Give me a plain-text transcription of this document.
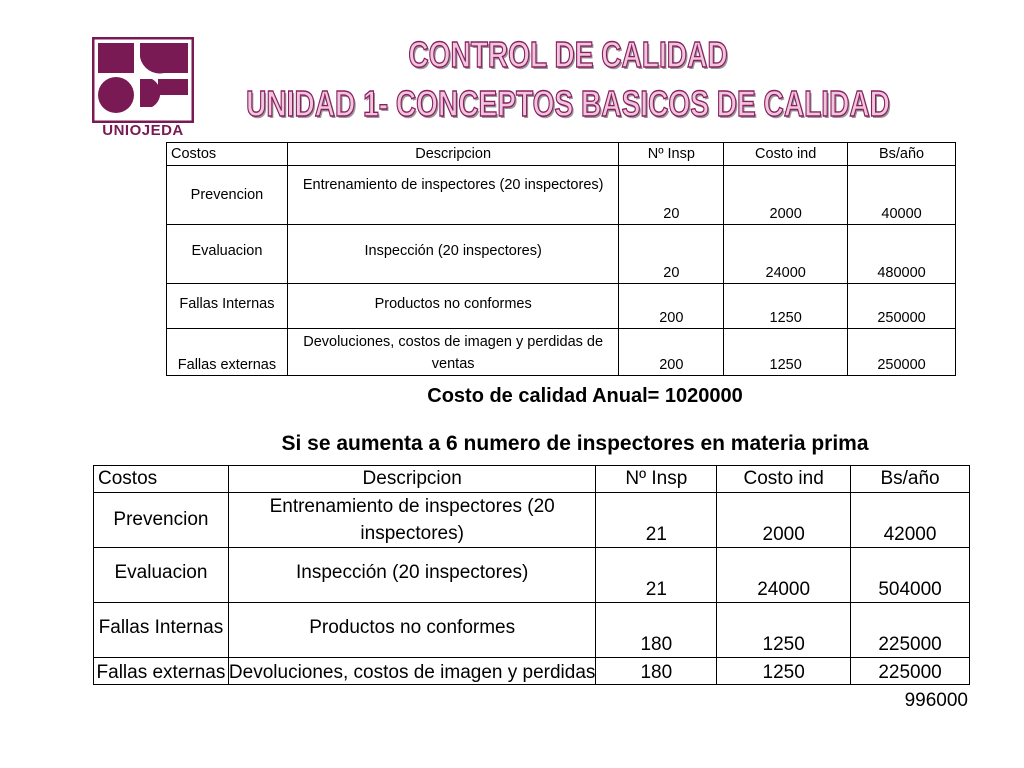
UNIOJEDA
CONTROL DE CALIDAD
UNIDAD 1- CONCEPTOS BASICOS DE CALIDAD
Costos	Descripcion	Nº Insp	Costo ind	Bs/año
Prevencion	Entrenamiento de inspectores (20 inspectores)	20	2000	40000
Evaluacion	Inspección (20 inspectores)	20	24000	480000
Fallas Internas	Productos no conformes	200	1250	250000
Fallas externas	Devoluciones, costos de imagen y perdidas de ventas	200	1250	250000
Costo de calidad Anual= 1020000
Si se aumenta a 6 numero de inspectores en materia prima
Costos	Descripcion	Nº Insp	Costo ind	Bs/año
Prevencion	Entrenamiento de inspectores (20 inspectores)	21	2000	42000
Evaluacion	Inspección (20 inspectores)	21	24000	504000
Fallas Internas	Productos no conformes	180	1250	225000
Fallas externas	Devoluciones, costos de imagen y perdidas	180	1250	225000
996000
